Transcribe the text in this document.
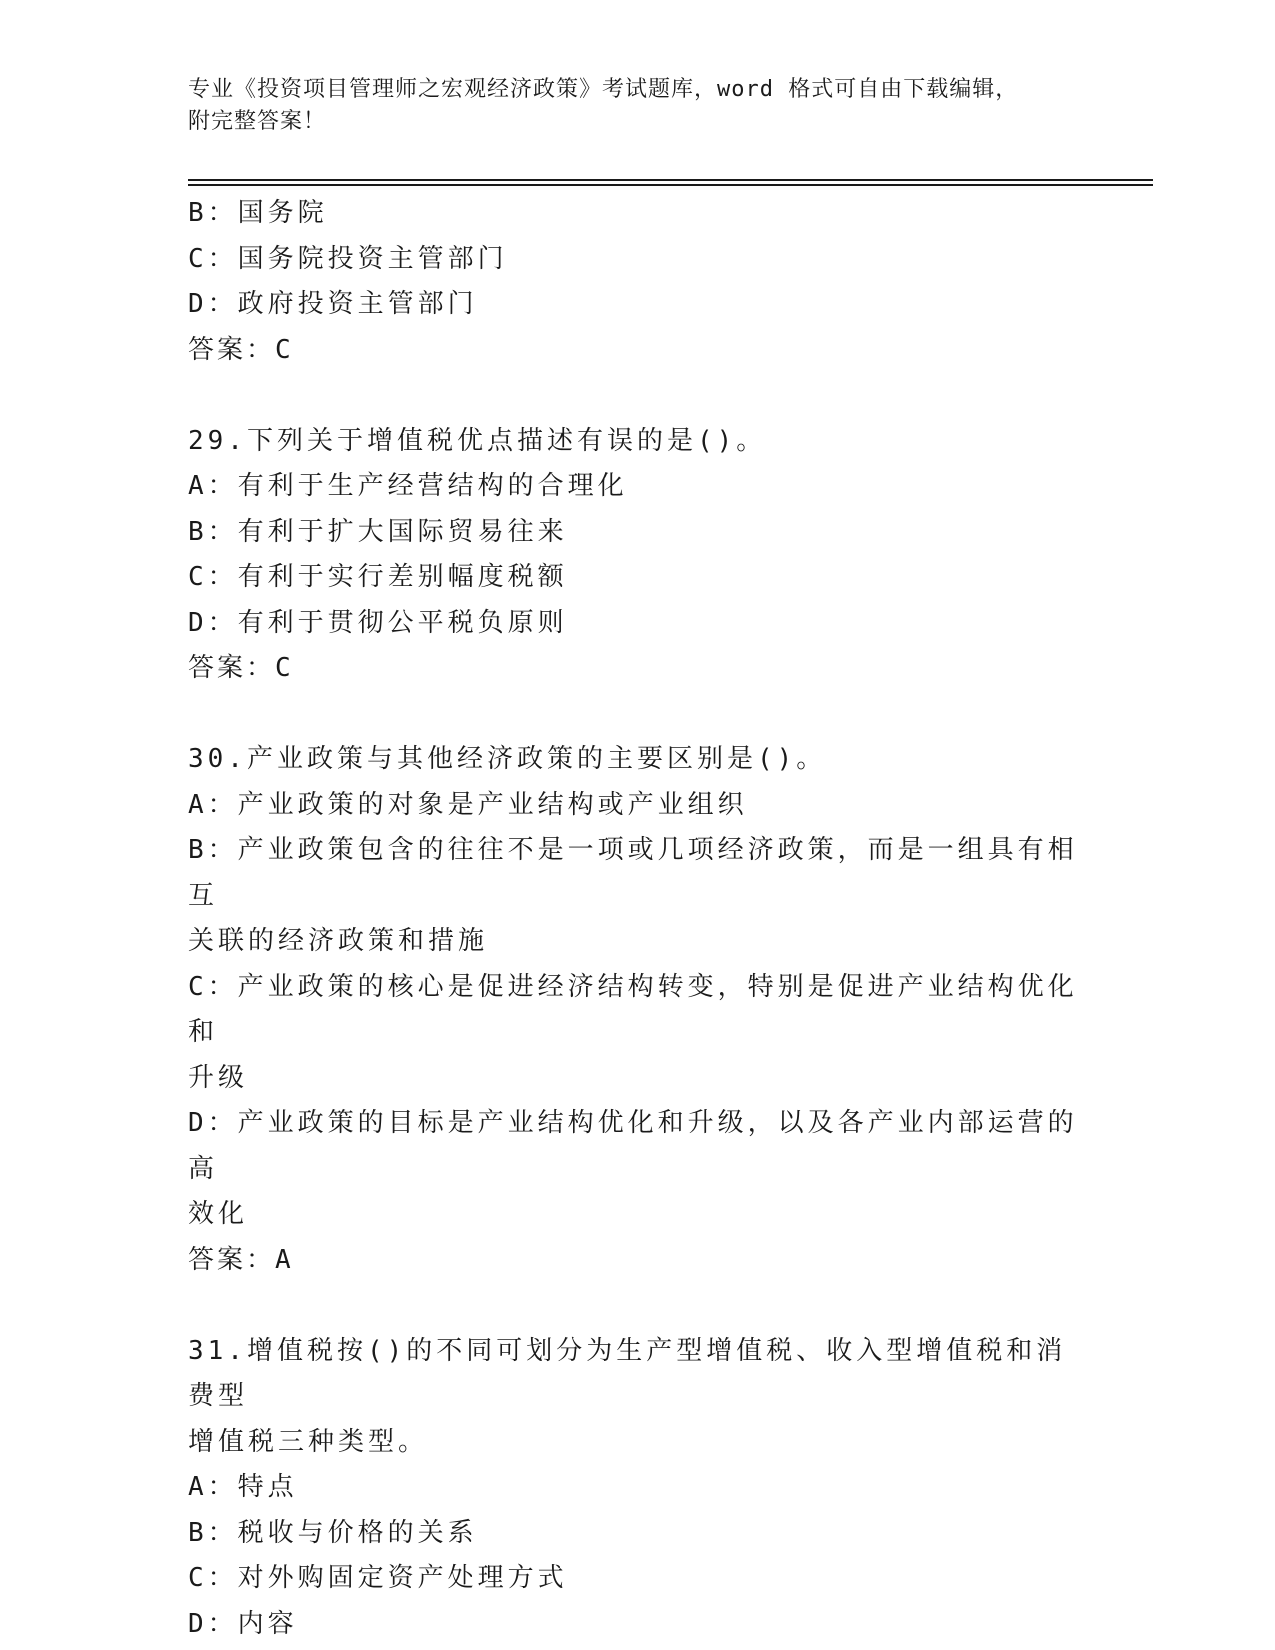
专业《投资项目管理师之宏观经济政策》考试题库，word 格式可自由下载编辑，
附完整答案！

B：国务院

C：国务院投资主管部门

D：政府投资主管部门

答案：C

29.下列关于增值税优点描述有误的是()。

A：有利于生产经营结构的合理化

B：有利于扩大国际贸易往来

C：有利于实行差别幅度税额

D：有利于贯彻公平税负原则

答案：C

30.产业政策与其他经济政策的主要区别是()。

A：产业政策的对象是产业结构或产业组织

B：产业政策包含的往往不是一项或几项经济政策，而是一组具有相互

关联的经济政策和措施

C：产业政策的核心是促进经济结构转变，特别是促进产业结构优化和

升级

D：产业政策的目标是产业结构优化和升级，以及各产业内部运营的高

效化

答案：A

31.增值税按()的不同可划分为生产型增值税、收入型增值税和消费型

增值税三种类型。

A：特点

B：税收与价格的关系

C：对外购固定资产处理方式

D：内容
